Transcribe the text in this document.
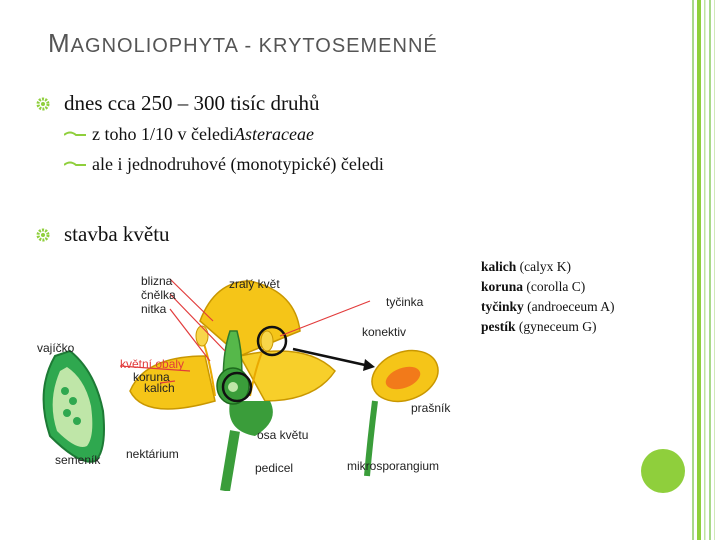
MAGNOLIOPHYTA - KRYTOSEMENNÉ
dnes cca 250 – 300 tisíc druhů
z toho 1/10 v čeledi Asteraceae
ale i jednodruhové (monotypické) čeledi
stavba květu
kalich (calyx K)
koruna (corolla C)
tyčinky (androeceum A)
pestík (gyneceum G)
blizna
čnělka
nitka
zralý květ
tyčinka
konektiv
vajíčko
květní obaly
koruna
kalich
prašník
osa květu
nektárium
semeník
pedicel	mikrosporangium
